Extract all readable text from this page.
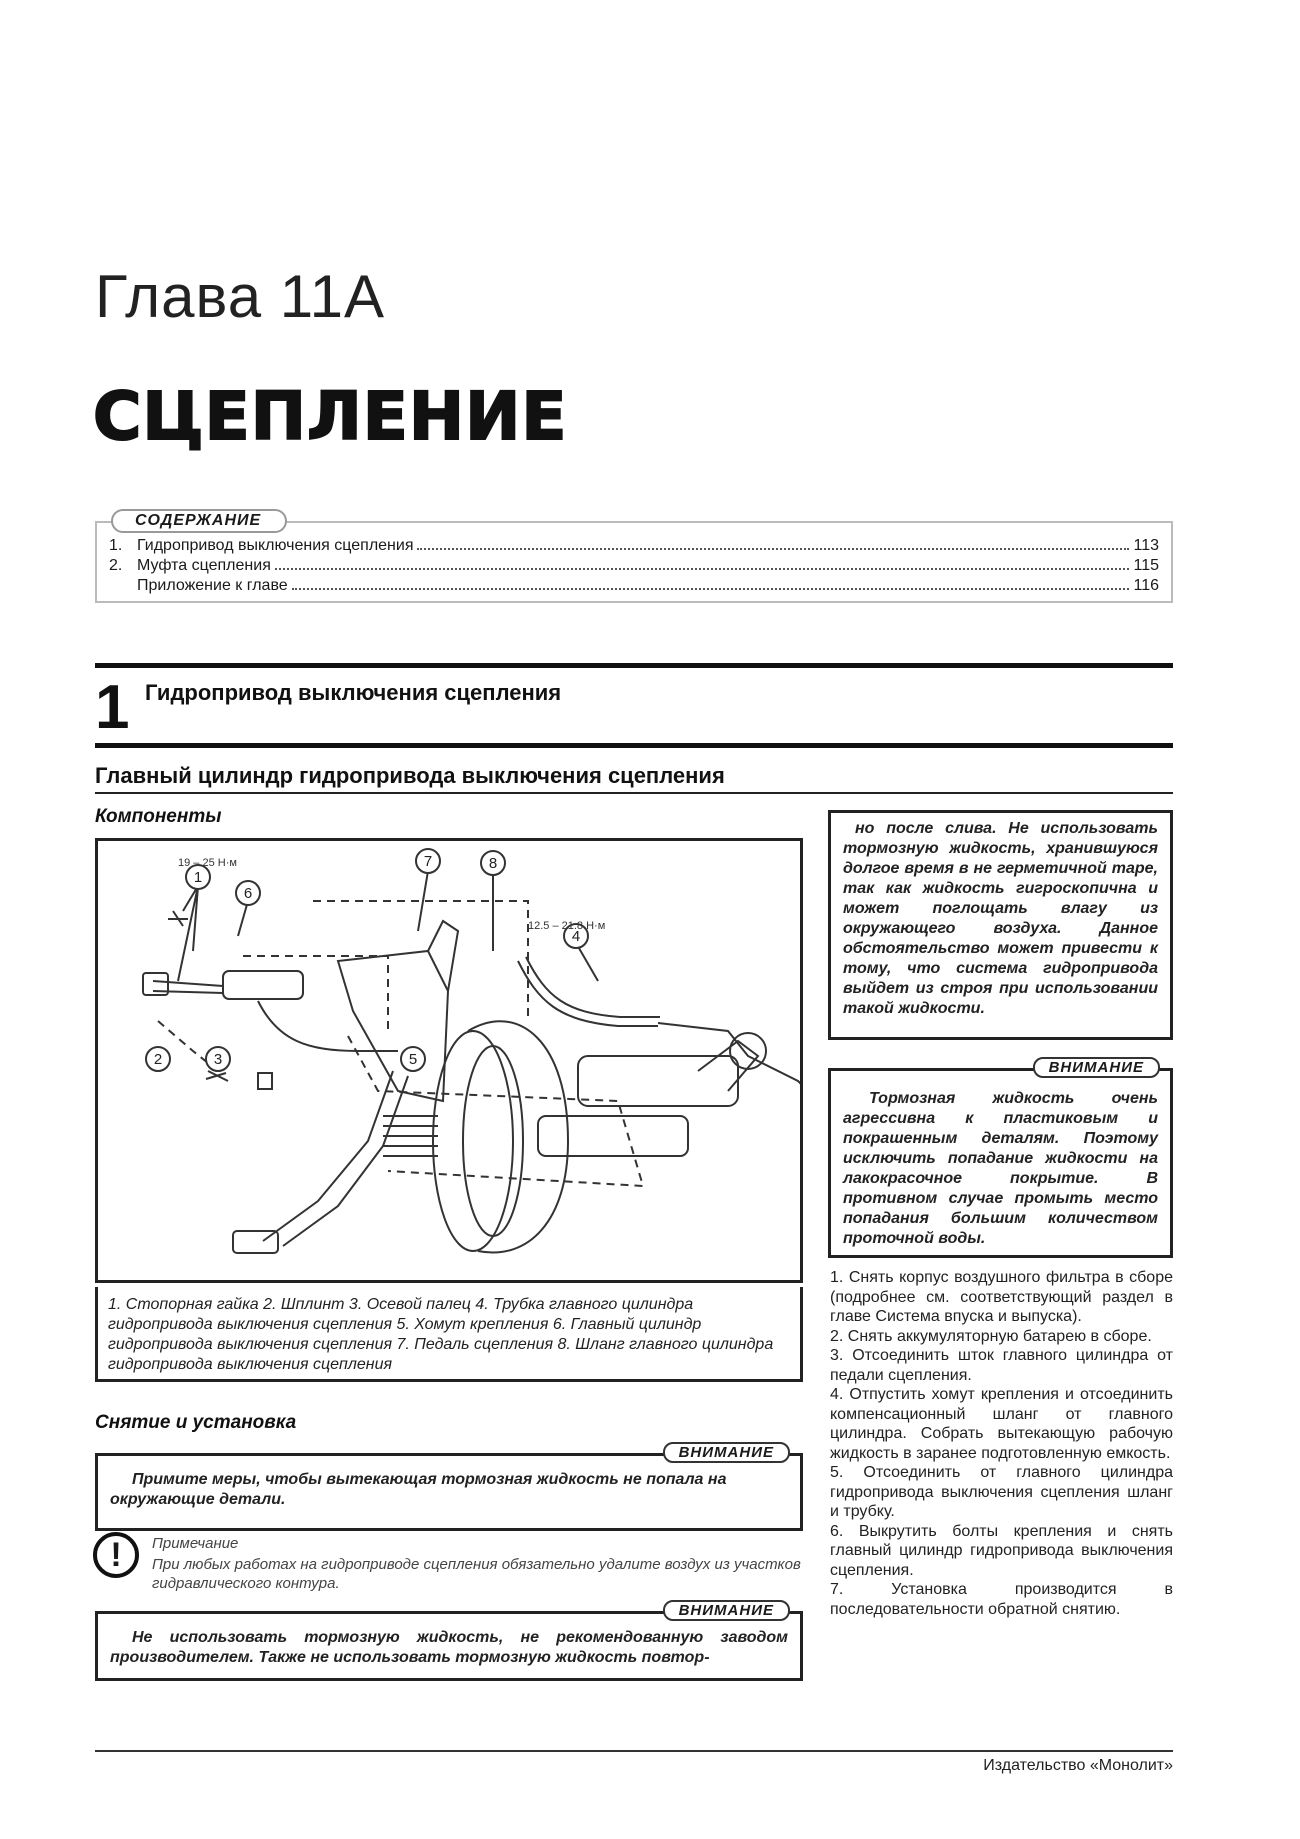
Глава 11А
СЦЕПЛЕНИЕ
СОДЕРЖАНИЕ
1. Гидропривод выключения сцепления	113
2. Муфта сцепления	115
Приложение к главе	116
1 Гидропривод выключения сцепления
Главный цилиндр гидропривода выключения сцепления
Компоненты
1
2	3
4
5
6
7	8
19 – 25 Н·м
12.5 – 21.8 Н·м
1. Стопорная гайка 2. Шплинт 3. Осевой палец 4. Трубка главного цилиндра гидропривода выключения сцепления 5. Хомут крепления 6. Главный цилиндр гидропривода выключения сцепления 7. Педаль сцепления 8. Шланг главного цилиндра гидропривода выключения сцепления
Снятие и установка
ВНИМАНИЕ
Примите меры, чтобы вытекающая тормозная жидкость не попала на окружающие детали.
!	Примечание
При любых работах на гидроприводе сцепления обязательно удалите воздух из участков гидравлического контура.
ВНИМАНИЕ
Не использовать тормозную жидкость, не рекомендованную заводом производителем. Также не использовать тормозную жидкость повтор-
но после слива. Не использовать тормозную жидкость, хранившуюся долгое время в не герметичной таре, так как жидкость гигроскопична и может поглощать влагу из окружающего воздуха. Данное обстоятельство может привести к тому, что система гидропривода выйдет из строя при использовании такой жидкости.
ВНИМАНИЕ
Тормозная жидкость очень агрессивна к пластиковым и покрашенным деталям. Поэтому исключить попадание жидкости на лакокрасочное покрытие. В противном случае промыть место попадания большим количеством проточной воды.

1. Снять корпус воздушного фильтра в сборе (подробнее см. соответствующий раздел в главе Система впуска и выпуска).

2. Снять аккумуляторную батарею в сборе.

3. Отсоединить шток главного цилиндра от педали сцепления.

4. Отпустить хомут крепления и отсоединить компенсационный шланг от главного цилиндра. Собрать вытекающую рабочую жидкость в заранее подготовленную емкость.

5. Отсоединить от главного цилиндра гидропривода выключения сцепления шланг и трубку.

6. Выкрутить болты крепления и снять главный цилиндр гидропривода выключения сцепления.

7. Установка производится в последовательности обратной снятию.

Издательство «Монолит»
